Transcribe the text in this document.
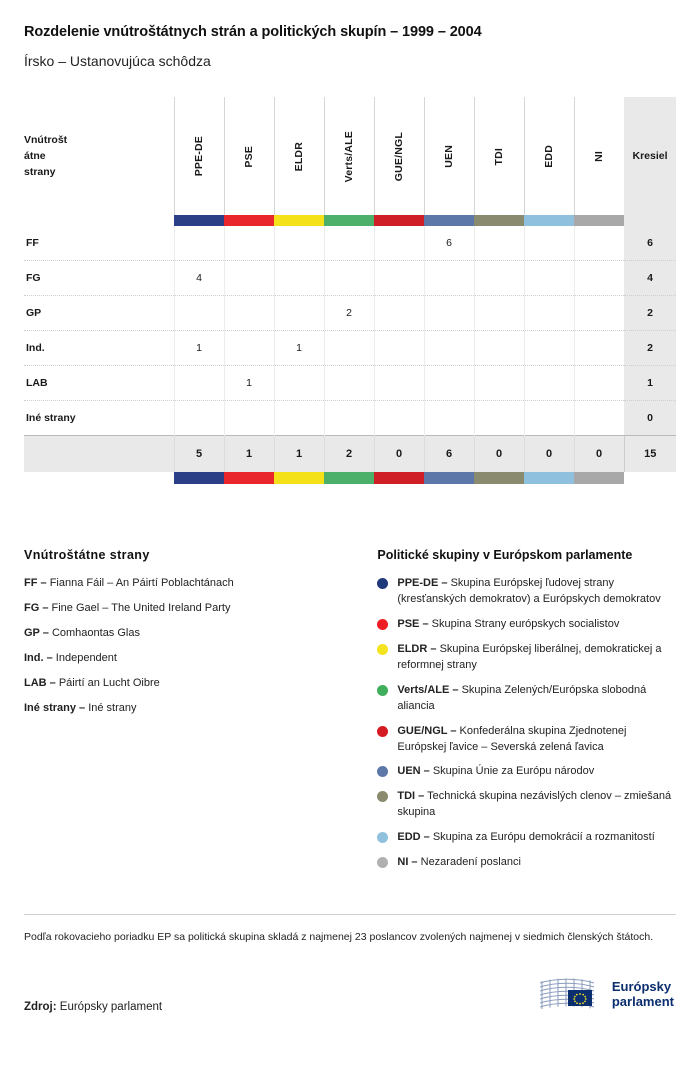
Rozdelenie vnútroštátnych strán a politických skupín – 1999 – 2004
Írsko – Ustanovujúca schôdza
Vnútrošt
átne
strany	PPE-DE	PSE	ELDR	Verts/ALE	GUE/NGL	UEN	TDI	EDD	NI	Kresiel

FF						6				6
FG	4									4
GP				2						2
Ind.	1		1							2
LAB		1								1
Iné strany										0
	5	1	1	2	0	6	0	0	0	15

Vnútroštátne strany
FF – Fianna Fáil – An Páirtí Poblachtánach
FG – Fine Gael – The United Ireland Party
GP – Comhaontas Glas
Ind. – Independent
LAB – Páirtí an Lucht Oibre
Iné strany – Iné strany
Politické skupiny v Európskom parlamente
PPE-DE – Skupina Európskej ľudovej strany (kresťanských demokratov) a Európskych demokratov
PSE – Skupina Strany európskych socialistov
ELDR – Skupina Európskej liberálnej, demokratickej a reformnej strany
Verts/ALE – Skupina Zelených/Európska slobodná aliancia
GUE/NGL – Konfederálna skupina Zjednotenej Európskej ľavice – Severská zelená ľavica
UEN – Skupina Únie za Európu národov
TDI – Technická skupina nezávislých clenov – zmiešaná skupina
EDD – Skupina za Európu demokrácií a rozmanitostí
NI – Nezaradení poslanci
Podľa rokovacieho poriadku EP sa politická skupina skladá z najmenej 23 poslancov zvolených najmenej v siedmich členských štátoch.
Zdroj: Európsky parlament
Európsky
parlament
